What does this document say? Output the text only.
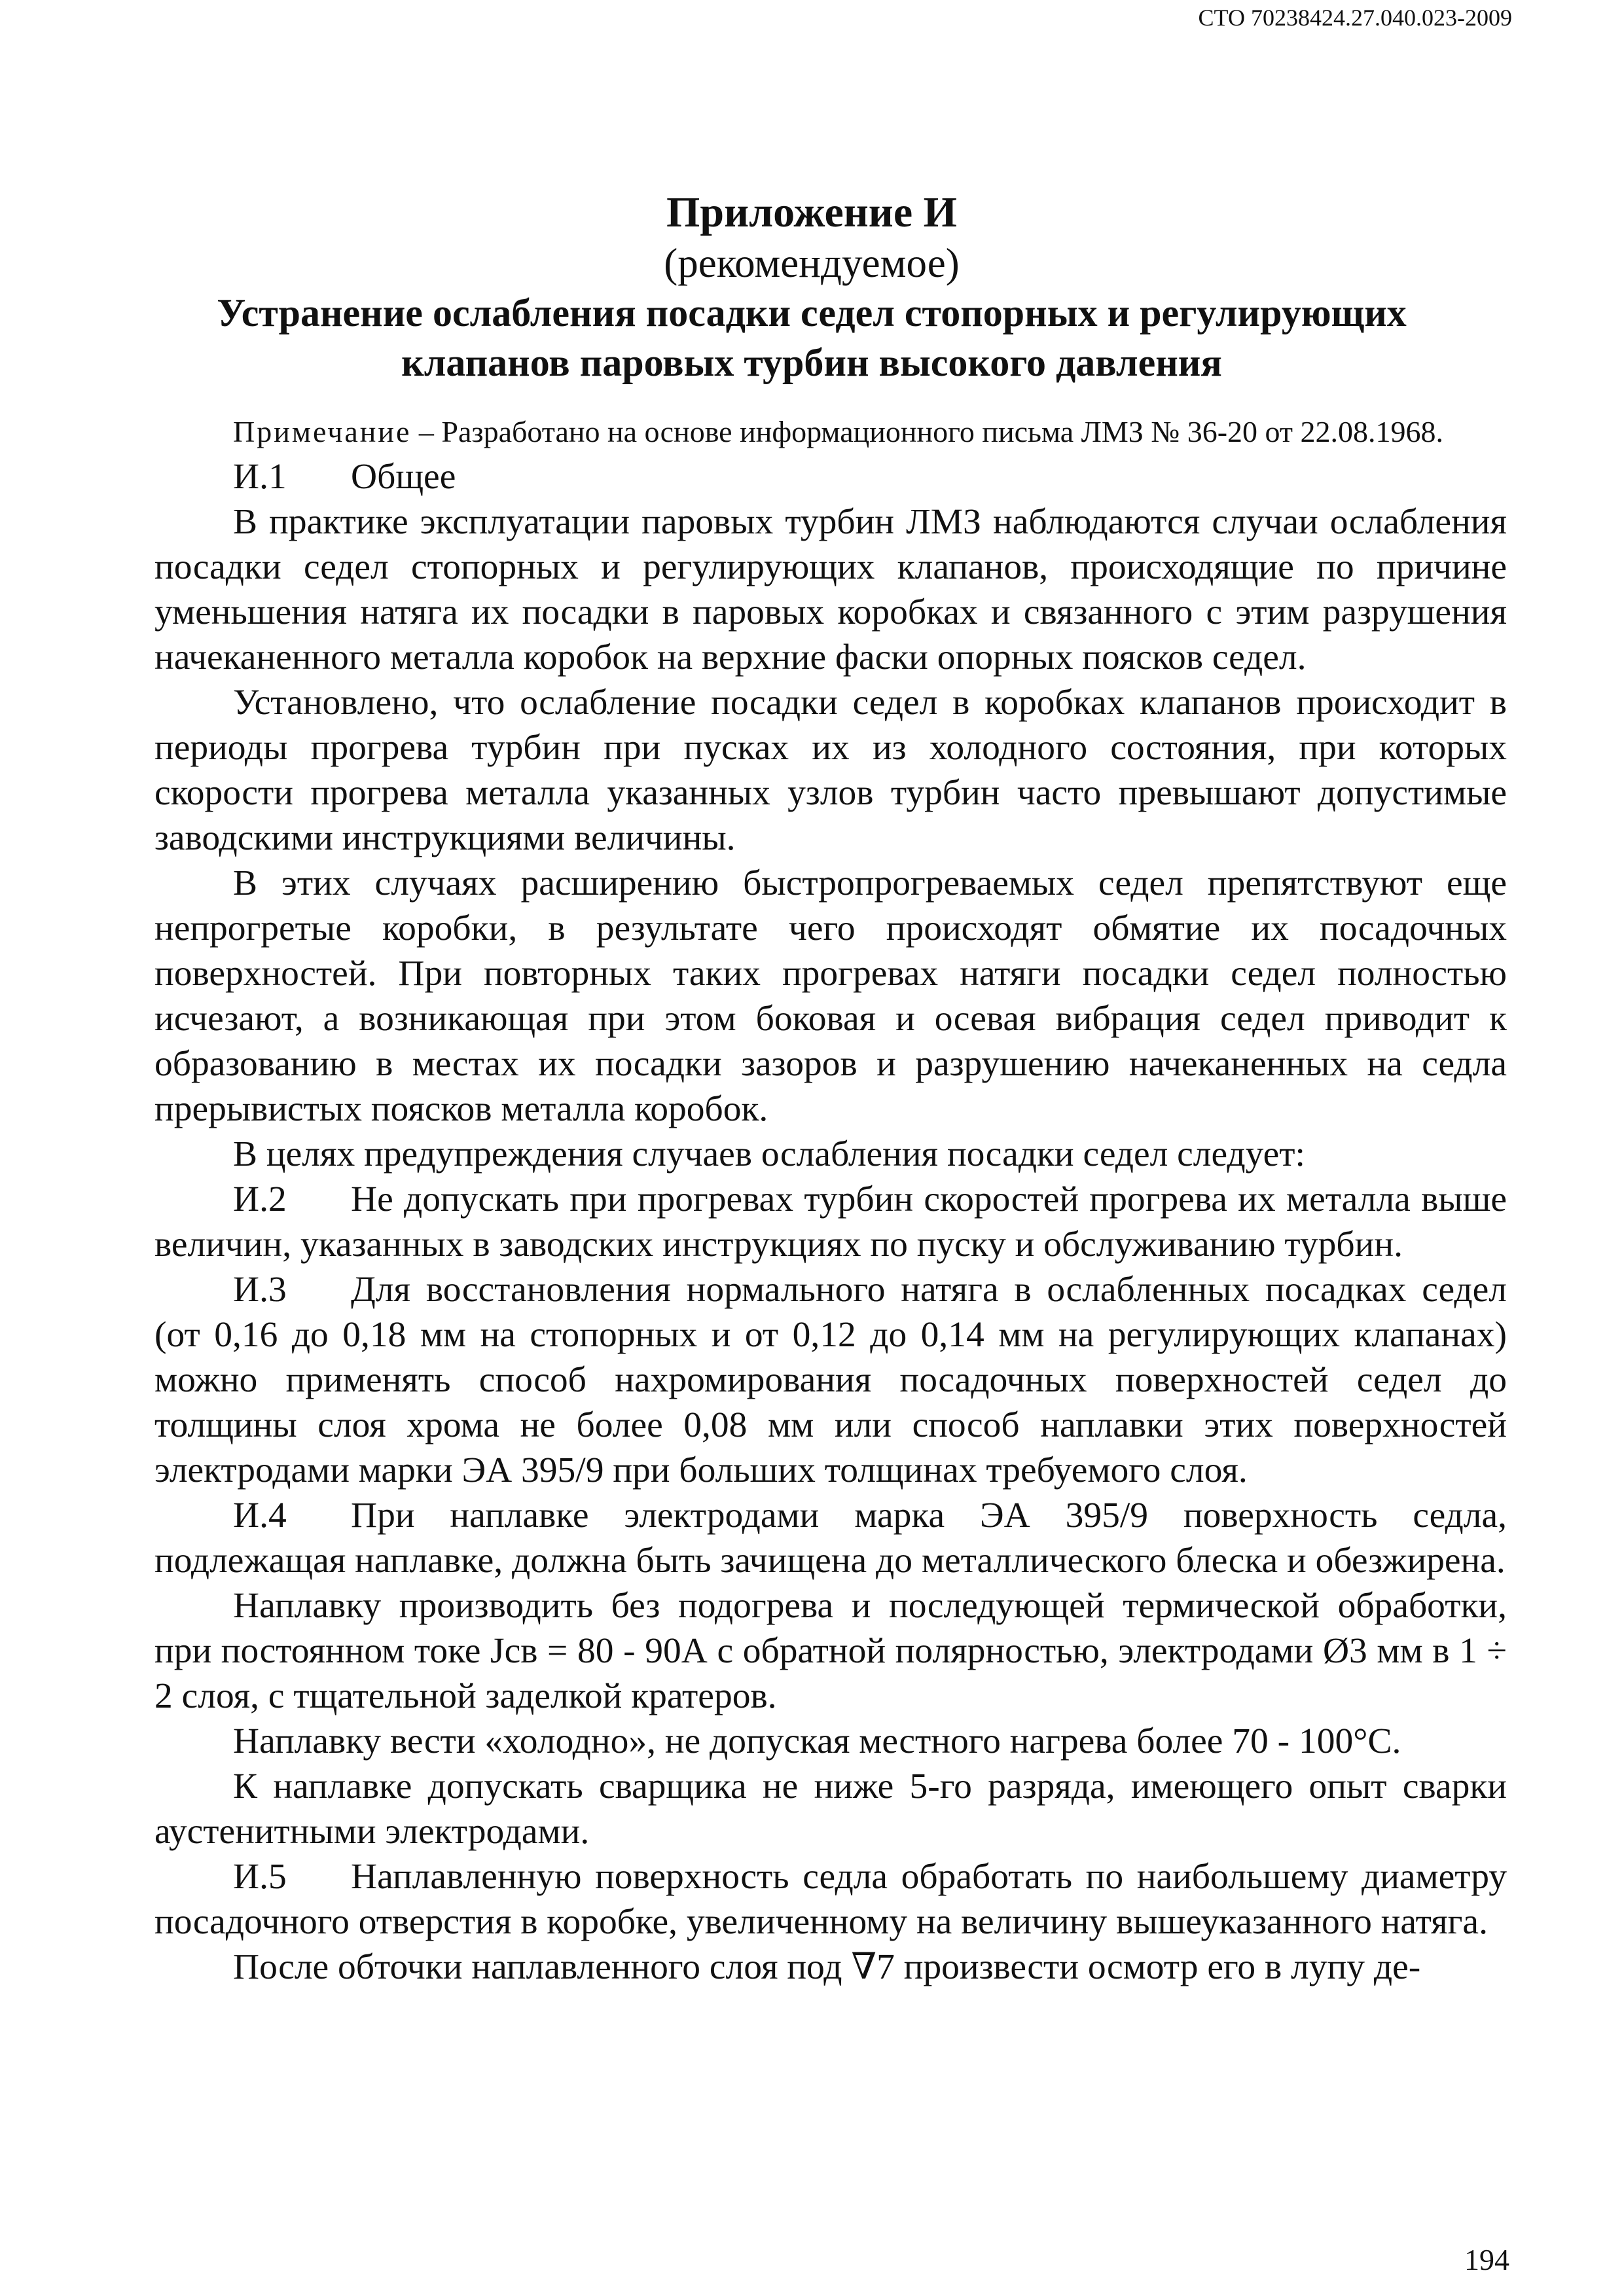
СТО 70238424.27.040.023-2009
Приложение И
(рекомендуемое)
Устранение ослабления посадки седел стопорных и регулирующих
клапанов паровых турбин высокого давления

Примечание – Разработано на основе информационного письма ЛМЗ № 36-20 от 22.08.1968.

И.1 Общее

В практике эксплуатации паровых турбин ЛМЗ наблюдаются случаи ослабления посадки седел стопорных и регулирующих клапанов, происходящие по причине уменьшения натяга их посадки в паровых коробках и связанного с этим разрушения начеканенного металла коробок на верхние фаски опорных поясков седел.

Установлено, что ослабление посадки седел в коробках клапанов происходит в периоды прогрева турбин при пусках их из холодного состояния, при которых скорости прогрева металла указанных узлов турбин часто превышают допустимые заводскими инструкциями величины.

В этих случаях расширению быстропрогреваемых седел препятствуют еще непрогретые коробки, в результате чего происходят обмятие их посадочных поверхностей. При повторных таких прогревах натяги посадки седел полностью исчезают, а возникающая при этом боковая и осевая вибрация седел приводит к образованию в местах их посадки зазоров и разрушению начеканенных на седла прерывистых поясков металла коробок.

В целях предупреждения случаев ослабления посадки седел следует:

И.2 Не допускать при прогревах турбин скоростей прогрева их металла выше величин, указанных в заводских инструкциях по пуску и обслуживанию турбин.

И.3 Для восстановления нормального натяга в ослабленных посадках седел (от 0,16 до 0,18 мм на стопорных и от 0,12 до 0,14 мм на регулирующих клапанах) можно применять способ нахромирования посадочных поверхностей седел до толщины слоя хрома не более 0,08 мм или способ наплавки этих поверхностей электродами марки ЭА 395/9 при больших толщинах требуемого слоя.

И.4 При наплавке электродами марка ЭА 395/9 поверхность седла, подлежащая наплавке, должна быть зачищена до металлического блеска и обезжирена.

Наплавку производить без подогрева и последующей термической обработки, при постоянном токе Jсв = 80 - 90А с обратной полярностью, электродами Ø3 мм в 1 ÷ 2 слоя, с тщательной заделкой кратеров.

Наплавку вести «холодно», не допуская местного нагрева более 70 - 100°С.

К наплавке допускать сварщика не ниже 5-го разряда, имеющего опыт сварки аустенитными электродами.

И.5 Наплавленную поверхность седла обработать по наибольшему диаметру посадочного отверстия в коробке, увеличенному на величину вышеуказанного натяга.

После обточки наплавленного слоя под ∇7 произвести осмотр его в лупу де-

194
